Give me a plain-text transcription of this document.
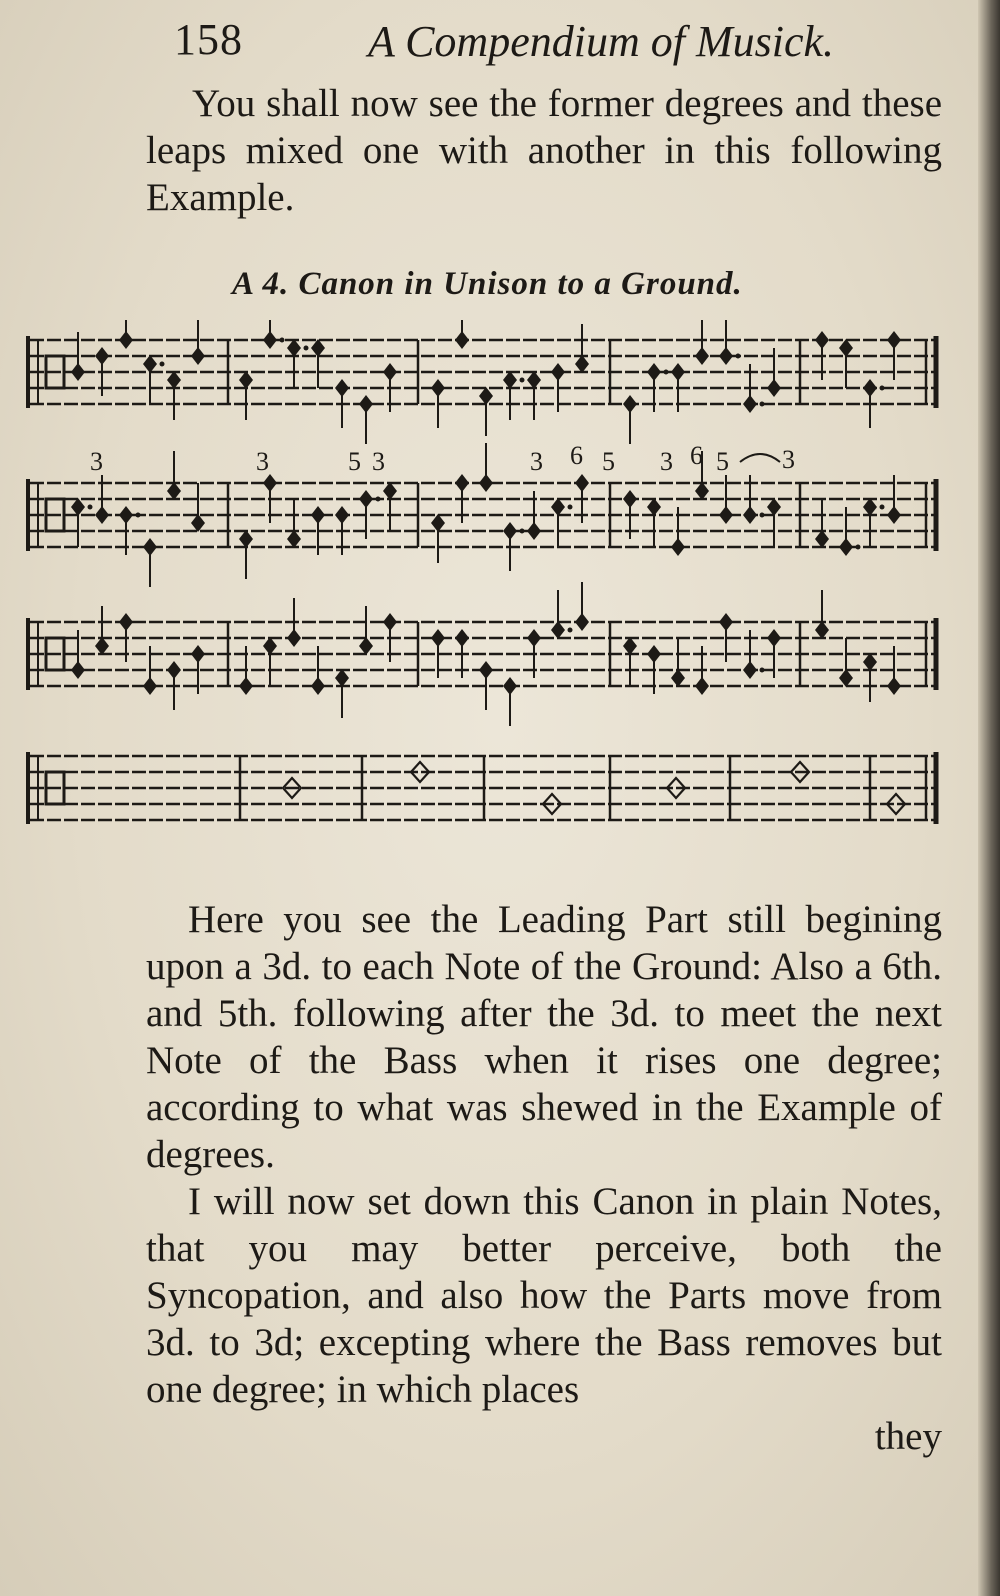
158	A Compendium of Musick.

You shall now see the former degrees and these leaps mixed one with another in this following Example.

A 4. Canon in Unison to a Ground.
3	3	5 3	3 6 5 3 6 5 3

Here you see the Leading Part still begining upon a 3d. to each Note of the Ground: Also a 6th. and 5th. following after the 3d. to meet the next Note of the Bass when it rises one degree; according to what was shewed in the Example of degrees.

I will now set down this Canon in plain Notes, that you may better perceive, both the Syncopation, and also how the Parts move from 3d. to 3d; excepting where the Bass removes but one degree; in which places

they
